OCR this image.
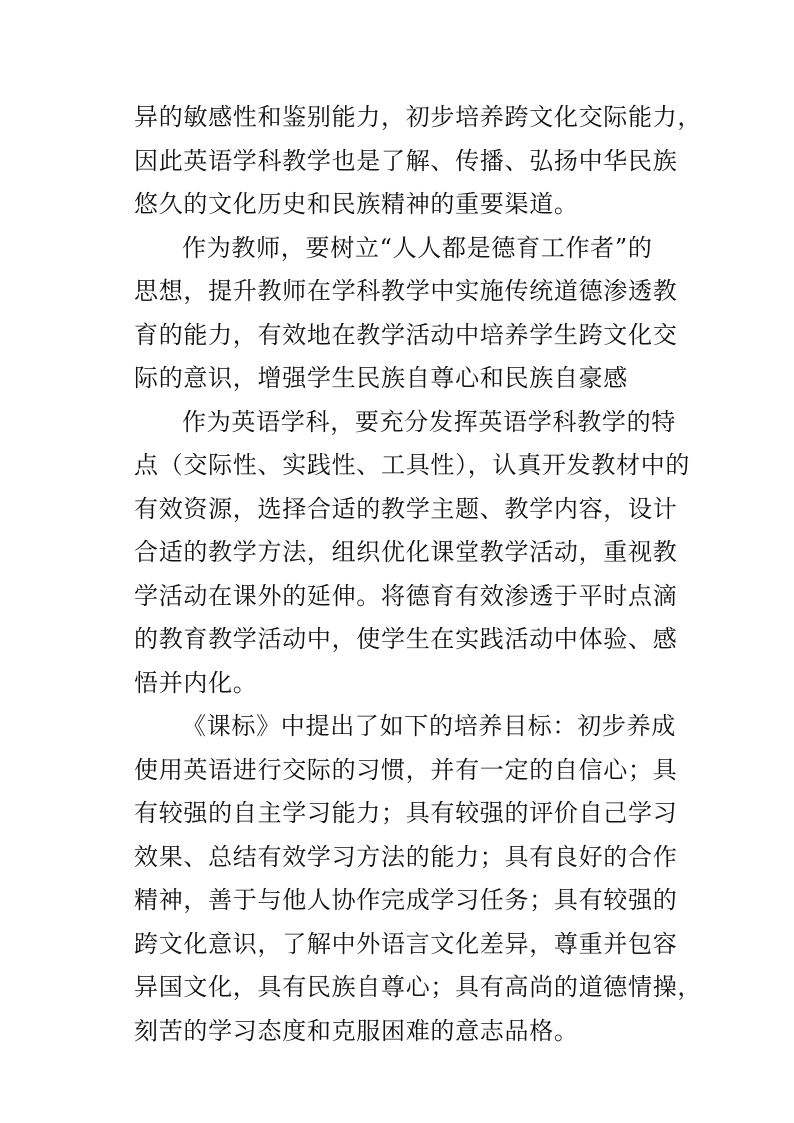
异的敏感性和鉴别能力，初步培养跨文化交际能力，
因此英语学科教学也是了解、传播、弘扬中华民族
悠久的文化历史和民族精神的重要渠道。
作为教师，要树立“人人都是德育工作者”的
思想，提升教师在学科教学中实施传统道德渗透教
育的能力，有效地在教学活动中培养学生跨文化交
际的意识，增强学生民族自尊心和民族自豪感
作为英语学科，要充分发挥英语学科教学的特
点（交际性、实践性、工具性），认真开发教材中的
有效资源，选择合适的教学主题、教学内容，设计
合适的教学方法，组织优化课堂教学活动，重视教
学活动在课外的延伸。将德育有效渗透于平时点滴
的教育教学活动中，使学生在实践活动中体验、感
悟并内化。
《课标》中提出了如下的培养目标：初步养成
使用英语进行交际的习惯，并有一定的自信心；具
有较强的自主学习能力；具有较强的评价自己学习
效果、总结有效学习方法的能力；具有良好的合作
精神，善于与他人协作完成学习任务；具有较强的
跨文化意识，了解中外语言文化差异，尊重并包容
异国文化，具有民族自尊心；具有高尚的道德情操，
刻苦的学习态度和克服困难的意志品格。
